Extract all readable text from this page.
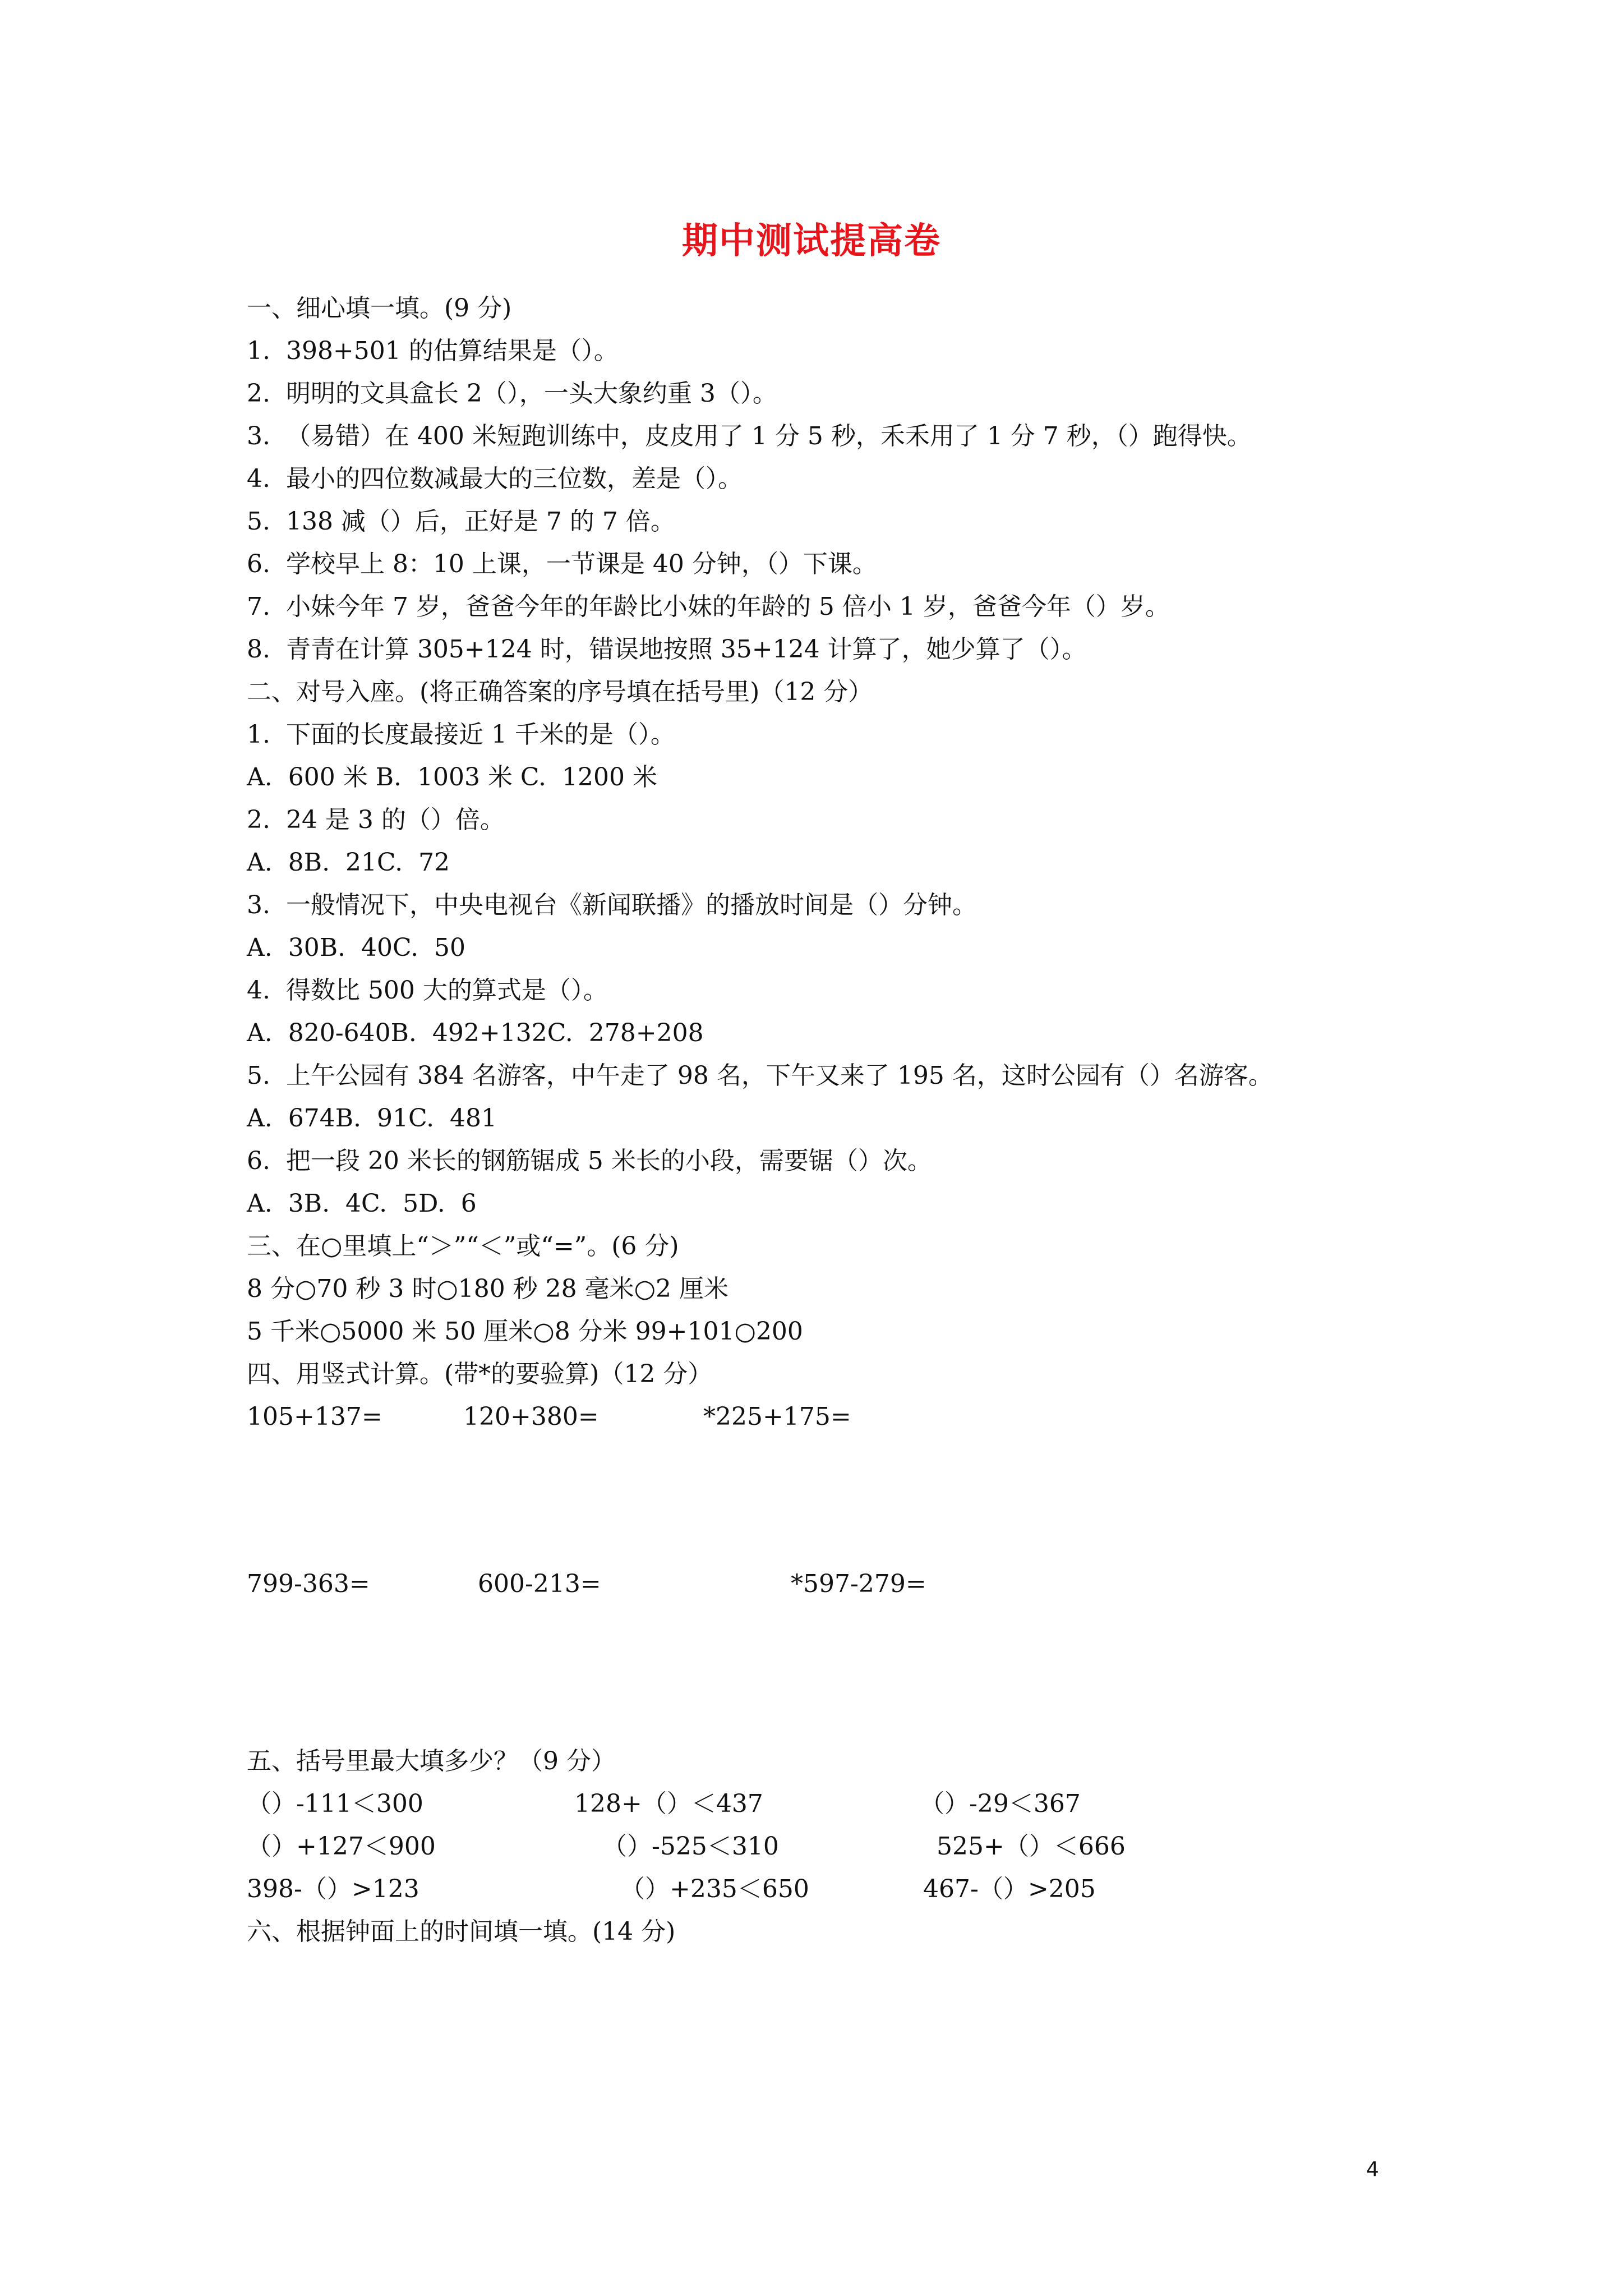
期中测试提高卷
一、细心填一填。(9 分)
1.  398+501 的估算结果是（）。
2.  明明的文具盒长 2（），一头大象约重 3（）。
3.  （易错）在 400 米短跑训练中，皮皮用了 1 分 5 秒，禾禾用了 1 分 7 秒，（）跑得快。
4.  最小的四位数减最大的三位数，差是（）。
5.  138 减（）后，正好是 7 的 7 倍。
6.  学校早上 8：10 上课，一节课是 40 分钟，（）下课。
7.  小妹今年 7 岁，爸爸今年的年龄比小妹的年龄的 5 倍小 1 岁，爸爸今年（）岁。
8.  青青在计算 305+124 时，错误地按照 35+124 计算了，她少算了（）。
二、对号入座。(将正确答案的序号填在括号里)（12 分）
1.  下面的长度最接近 1 千米的是（）。
A.  600 米 B.  1003 米 C.  1200 米
2.  24 是 3 的（）倍。
A.  8B.  21C.  72
3.  一般情况下，中央电视台《新闻联播》的播放时间是（）分钟。
A.  30B.  40C.  50
4.  得数比 500 大的算式是（）。
A.  820-640B.  492+132C.  278+208
5.  上午公园有 384 名游客，中午走了 98 名，下午又来了 195 名，这时公园有（）名游客。
A.  674B.  91C.  481
6.  把一段 20 米长的钢筋锯成 5 米长的小段，需要锯（）次。
A.  3B.  4C.  5D.  6
三、在○里填上“＞”“＜”或“=”。(6 分)
8 分○70 秒 3 时○180 秒 28 毫米○2 厘米
5 千米○5000 米 50 厘米○8 分米 99+101○200
四、用竖式计算。(带*的要验算)（12 分）
105+137=	120+380=	*225+175=
799-363=	600-213=	*597-279=
五、括号里最大填多少？（9 分）
（）-111＜300	128+（）＜437	（）-29＜367
（）+127＜900	（）-525＜310	525+（）＜666
398-（）>123	（）+235＜650	467-（）>205
六、根据钟面上的时间填一填。(14 分)
4
